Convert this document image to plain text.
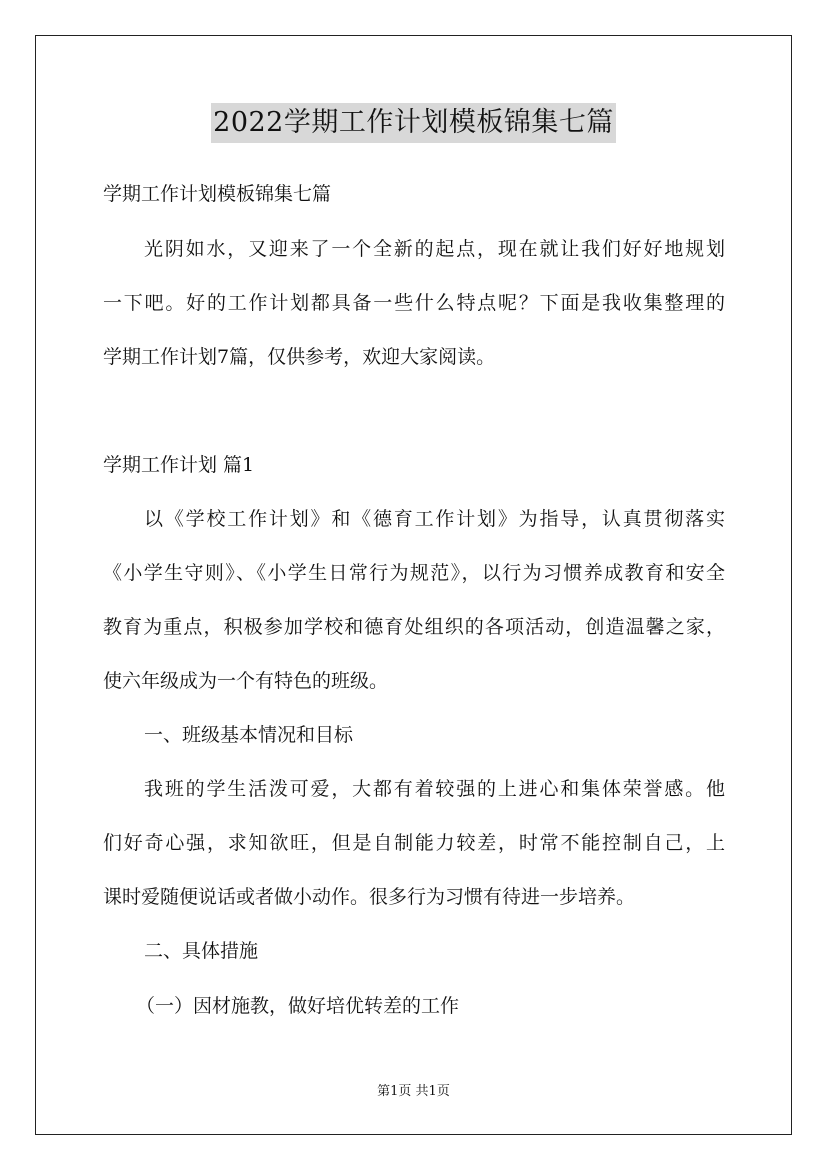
2022学期工作计划模板锦集七篇
学期工作计划模板锦集七篇
光阴如水，又迎来了一个全新的起点，现在就让我们好好地规划
一下吧。好的工作计划都具备一些什么特点呢？下面是我收集整理的
学期工作计划7篇，仅供参考，欢迎大家阅读。
学期工作计划 篇1
以《学校工作计划》和《德育工作计划》为指导，认真贯彻落实
《小学生守则》、《小学生日常行为规范》，以行为习惯养成教育和安全
教育为重点，积极参加学校和德育处组织的各项活动，创造温馨之家，
使六年级成为一个有特色的班级。
一、班级基本情况和目标
我班的学生活泼可爱，大都有着较强的上进心和集体荣誉感。他
们好奇心强，求知欲旺，但是自制能力较差，时常不能控制自己，上
课时爱随便说话或者做小动作。很多行为习惯有待进一步培养。
二、具体措施
（一）因材施教，做好培优转差的工作
第1页 共1页
